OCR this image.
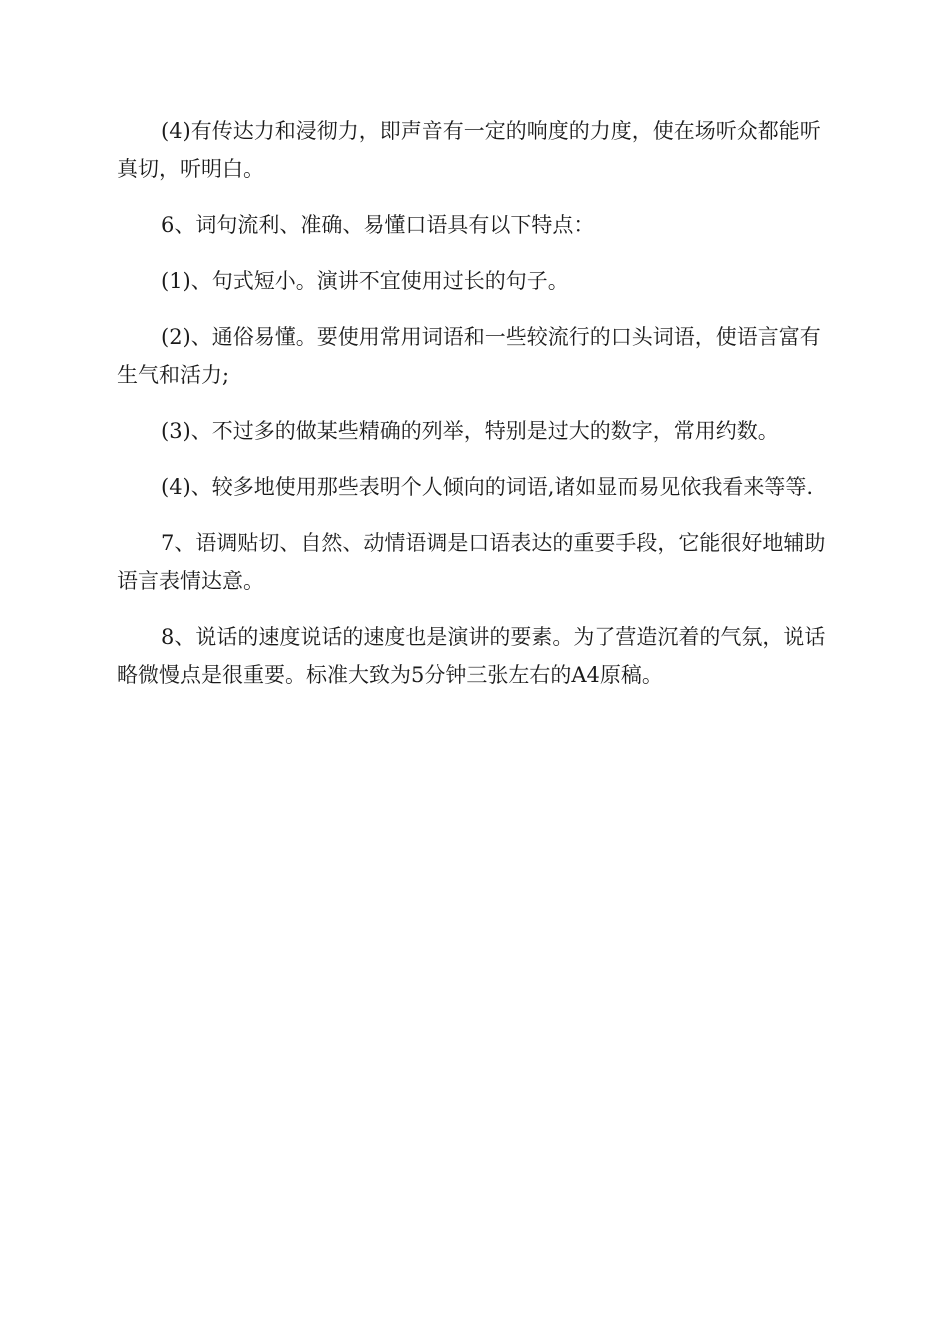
(4)有传达力和浸彻力，即声音有一定的响度的力度，使在场听众都能听真切，听明白。

6、词句流利、准确、易懂口语具有以下特点：

(1)、句式短小。演讲不宜使用过长的句子。

(2)、通俗易懂。要使用常用词语和一些较流行的口头词语，使语言富有生气和活力;

(3)、不过多的做某些精确的列举，特别是过大的数字，常用约数。

(4)、较多地使用那些表明个人倾向的词语,诸如显而易见依我看来等等.

7、语调贴切、自然、动情语调是口语表达的重要手段，它能很好地辅助语言表情达意。

8、说话的速度说话的速度也是演讲的要素。为了营造沉着的气氛，说话略微慢点是很重要。标准大致为5分钟三张左右的A4原稿。
